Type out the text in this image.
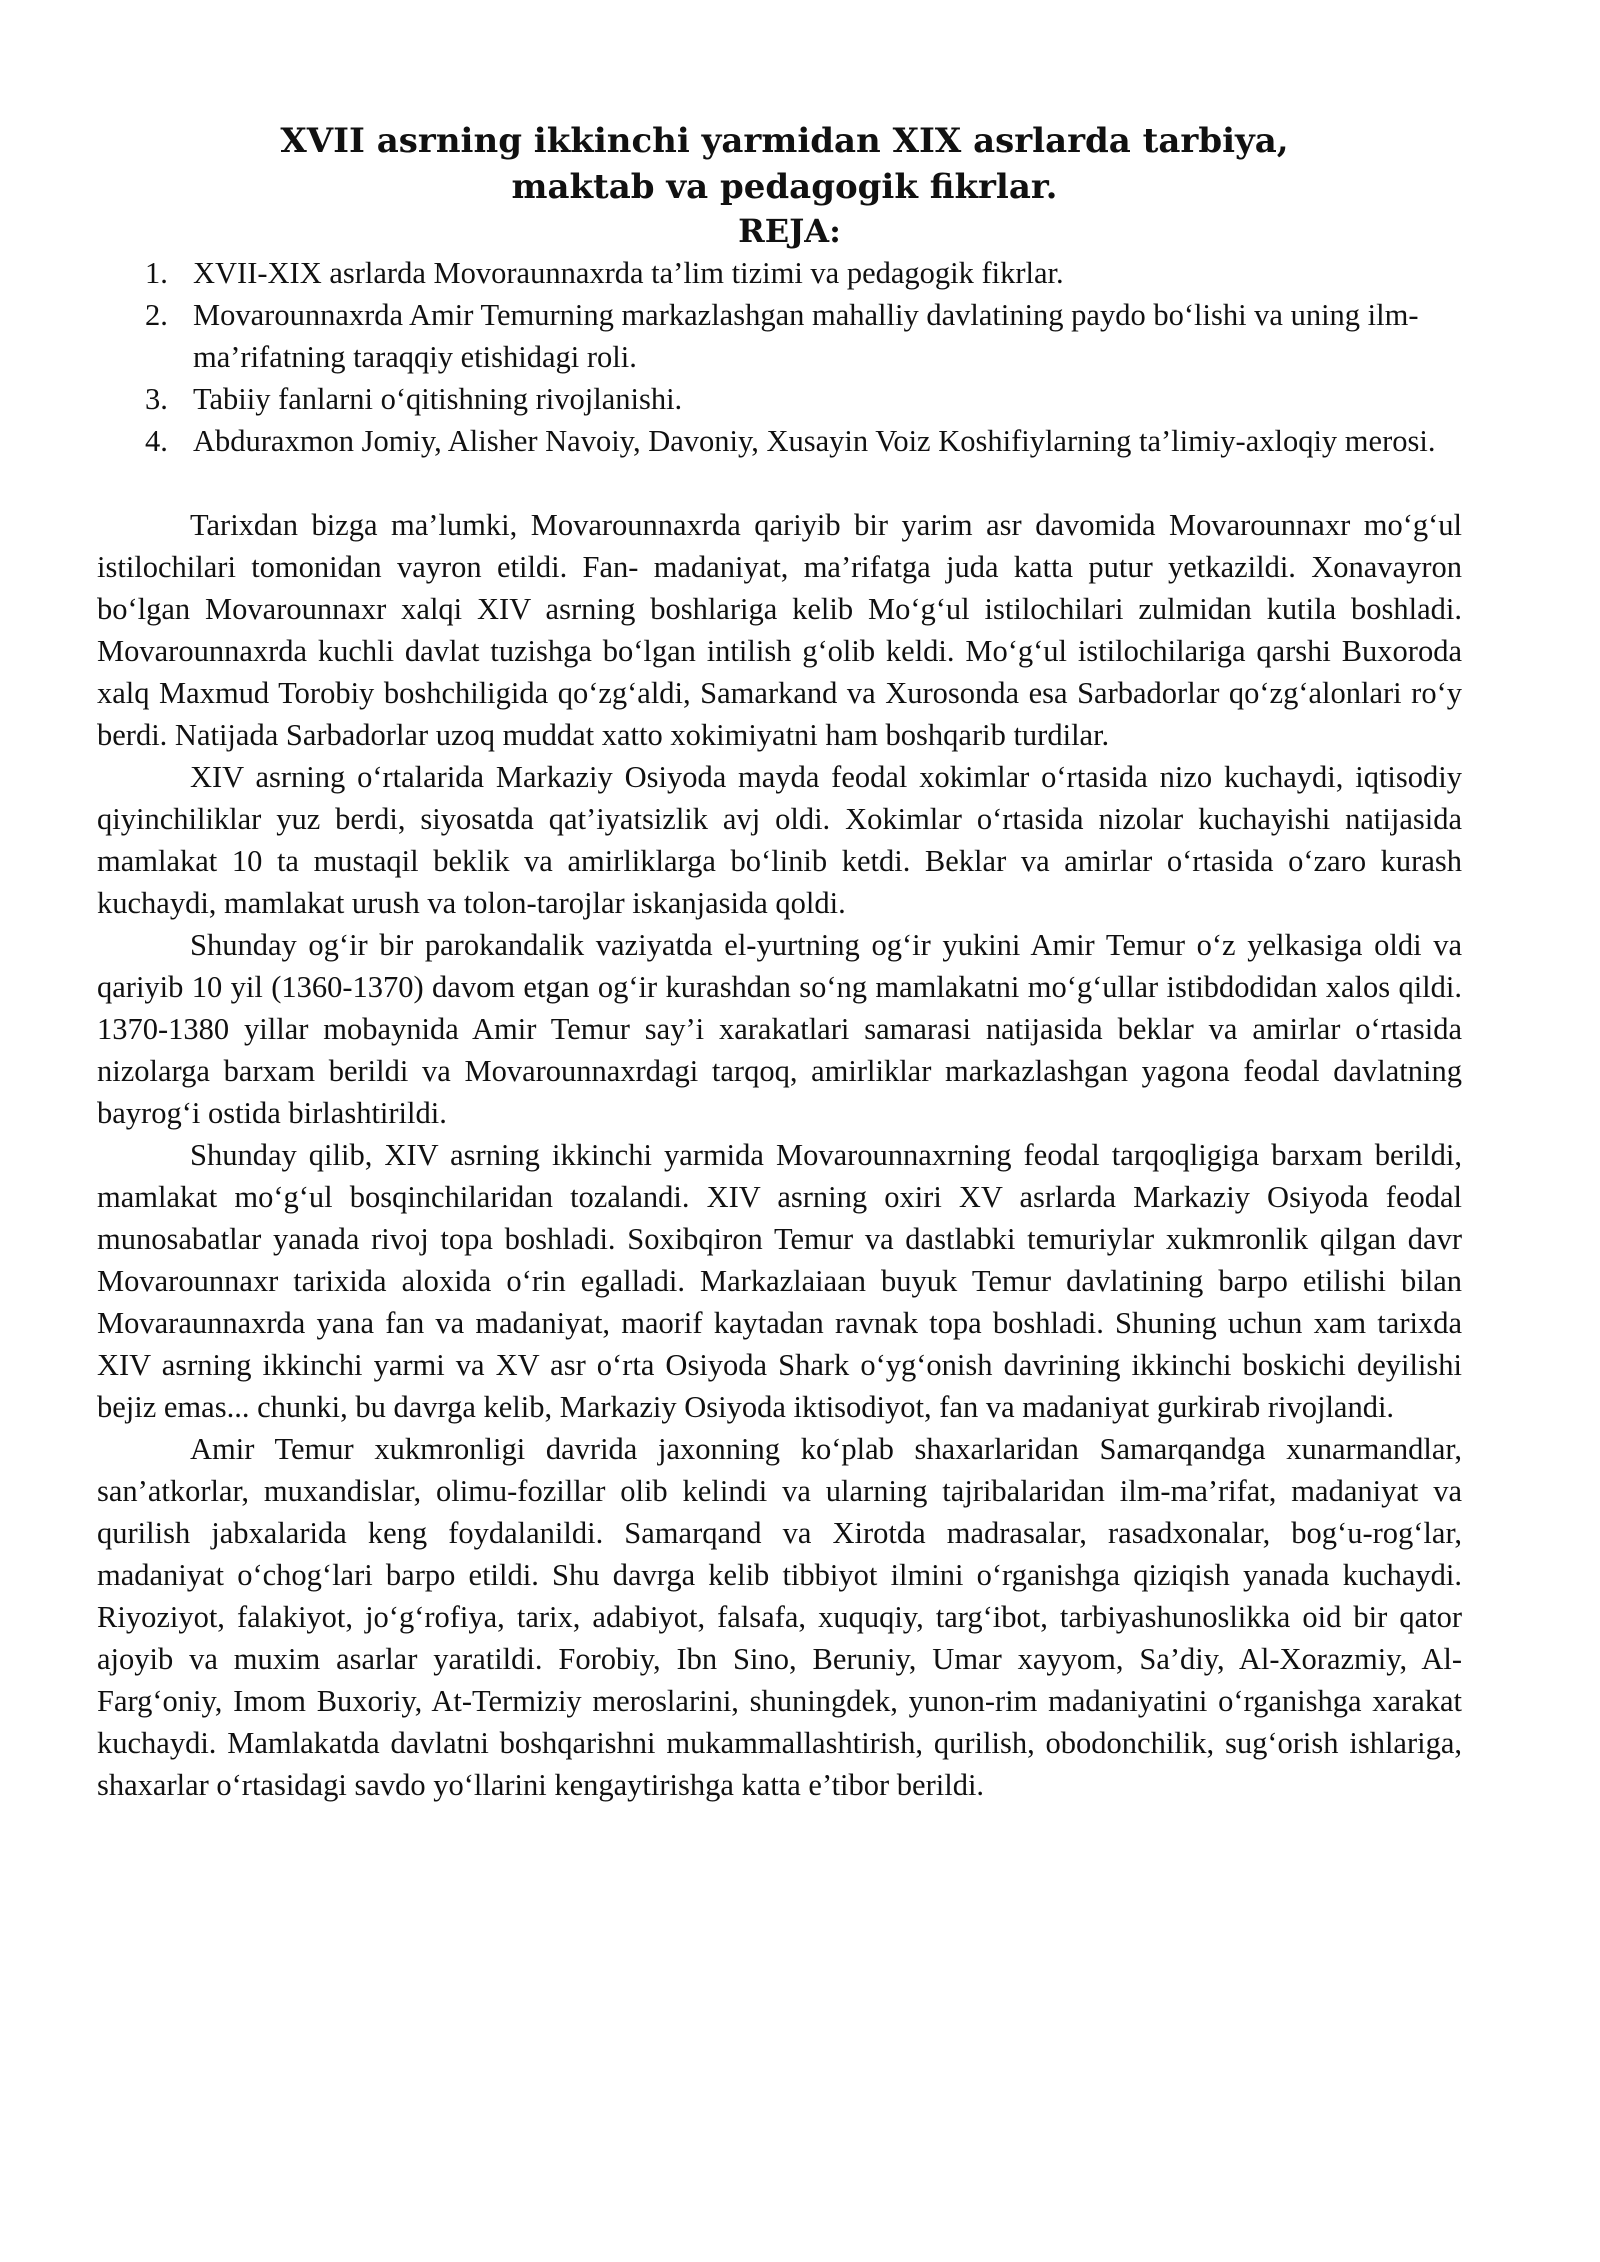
XVII asrning ikkinchi yarmidan XIX asrlarda tarbiya, maktab va pedagogik fikrlar.
REJA:
1. XVII-XIX asrlarda Movoraunnaxrda ta’lim tizimi va pedagogik fikrlar.
2. Movarounnaxrda Amir Temurning markazlashgan mahalliy davlatining paydo bo‘lishi va uning ilm-ma’rifatning taraqqiy etishidagi roli.
3. Tabiiy fanlarni o‘qitishning rivojlanishi.
4. Abduraxmon Jomiy, Alisher Navoiy, Davoniy, Xusayin Voiz Koshifiylarning ta’limiy-axloqiy merosi.

Tarixdan bizga ma’lumki, Movarounnaxrda qariyib bir yarim asr davomida Movarounnaxr mo‘g‘ul istilochilari tomonidan vayron etildi. Fan- madaniyat, ma’rifatga juda katta putur yetkazildi. Xonavayron bo‘lgan Movarounnaxr xalqi XIV asrning boshlariga kelib Mo‘g‘ul istilochilari zulmidan kutila boshladi. Movarounnaxrda kuchli davlat tuzishga bo‘lgan intilish g‘olib keldi. Mo‘g‘ul istilochilariga qarshi Buxoroda xalq Maxmud Torobiy boshchiligida qo‘zg‘aldi, Samarkand va Xurosonda esa Sarbadorlar qo‘zg‘alonlari ro‘y berdi. Natijada Sarbadorlar uzoq muddat xatto xokimiyatni ham boshqarib turdilar.

XIV asrning o‘rtalarida Markaziy Osiyoda mayda feodal xokimlar o‘rtasida nizo kuchaydi, iqtisodiy qiyinchiliklar yuz berdi, siyosatda qat’iyatsizlik avj oldi. Xokimlar o‘rtasida nizolar kuchayishi natijasida mamlakat 10 ta mustaqil beklik va amirliklarga bo‘linib ketdi. Beklar va amirlar o‘rtasida o‘zaro kurash kuchaydi, mamlakat urush va tolon-tarojlar iskanjasida qoldi.

Shunday og‘ir bir parokandalik vaziyatda el-yurtning og‘ir yukini Amir Temur o‘z yelkasiga oldi va qariyib 10 yil (1360-1370) davom etgan og‘ir kurashdan so‘ng mamlakatni mo‘g‘ullar istibdodidan xalos qildi. 1370-1380 yillar mobaynida Amir Temur say’i xarakatlari samarasi natijasida beklar va amirlar o‘rtasida nizolarga barxam berildi va Movarounnaxrdagi tarqoq, amirliklar markazlashgan yagona feodal davlatning bayrog‘i ostida birlashtirildi.

Shunday qilib, XIV asrning ikkinchi yarmida Movarounnaxrning feodal tarqoqligiga barxam berildi, mamlakat mo‘g‘ul bosqinchilaridan tozalandi. XIV asrning oxiri XV asrlarda Markaziy Osiyoda feodal munosabatlar yanada rivoj topa boshladi. Soxibqiron Temur va dastlabki temuriylar xukmronlik qilgan davr Movarounnaxr tarixida aloxida o‘rin egalladi. Markazlaiaan buyuk Temur davlatining barpo etilishi bilan Movaraunnaxrda yana fan va madaniyat, maorif kaytadan ravnak topa boshladi. Shuning uchun xam tarixda XIV asrning ikkinchi yarmi va XV asr o‘rta Osiyoda Shark o‘yg‘onish davrining ikkinchi boskichi deyilishi bejiz emas... chunki, bu davrga kelib, Markaziy Osiyoda iktisodiyot, fan va madaniyat gurkirab rivojlandi.

Amir Temur xukmronligi davrida jaxonning ko‘plab shaxarlaridan Samarqandga xunarmandlar, san’atkorlar, muxandislar, olimu-fozillar olib kelindi va ularning tajribalaridan ilm-ma’rifat, madaniyat va qurilish jabxalarida keng foydalanildi. Samarqand va Xirotda madrasalar, rasadxonalar, bog‘u-rog‘lar, madaniyat o‘chog‘lari barpo etildi. Shu davrga kelib tibbiyot ilmini o‘rganishga qiziqish yanada kuchaydi. Riyoziyot, falakiyot, jo‘g‘rofiya, tarix, adabiyot, falsafa, xuquqiy, targ‘ibot, tarbiyashunoslikka oid bir qator ajoyib va muxim asarlar yaratildi. Forobiy, Ibn Sino, Beruniy, Umar xayyom, Sa’diy, Al-Xorazmiy, Al-Farg‘oniy, Imom Buxoriy, At-Termiziy meroslarini, shuningdek, yunon-rim madaniyatini o‘rganishga xarakat kuchaydi. Mamlakatda davlatni boshqarishni mukammallashtirish, qurilish, obodonchilik, sug‘orish ishlariga, shaxarlar o‘rtasidagi savdo yo‘llarini kengaytirishga katta e’tibor berildi.
